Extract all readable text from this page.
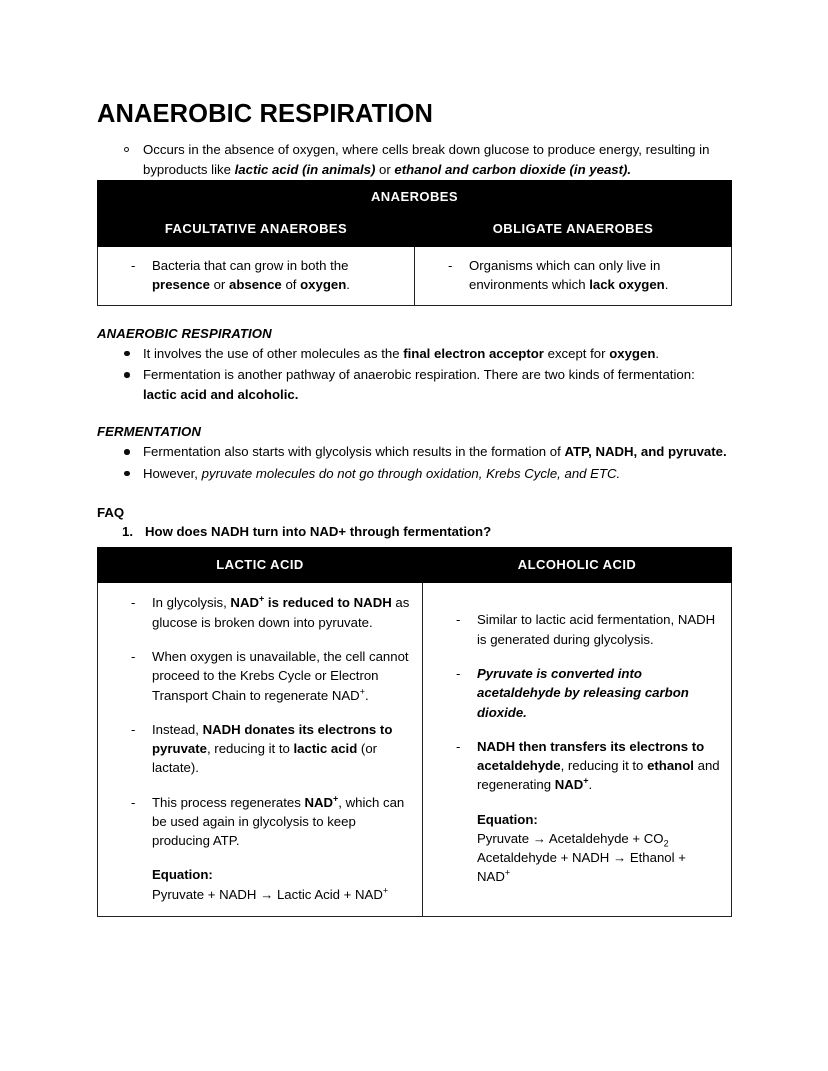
ANAEROBIC RESPIRATION
Occurs in the absence of oxygen, where cells break down glucose to produce energy, resulting in byproducts like lactic acid (in animals) or ethanol and carbon dioxide (in yeast).
ANAEROBES	
FACULTATIVE ANAEROBES	OBLIGATE ANAEROBES

- Bacteria that can grow in both the presence or absence of oxygen.

- Organisms which can only live in environments which lack oxygen.
ANAEROBIC RESPIRATION
It involves the use of other molecules as the final electron acceptor except for oxygen.
Fermentation is another pathway of anaerobic respiration. There are two kinds of fermentation: lactic acid and alcoholic.
FERMENTATION
Fermentation also starts with glycolysis which results in the formation of ATP, NADH, and pyruvate.
However, pyruvate molecules do not go through oxidation, Krebs Cycle, and ETC.
FAQ
1. How does NADH turn into NAD+ through fermentation?
LACTIC ACID	ALCOHOLIC ACID

- In glycolysis, NAD+ is reduced to NADH as glucose is broken down into pyruvate.
- When oxygen is unavailable, the cell cannot proceed to the Krebs Cycle or Electron Transport Chain to regenerate NAD+.
- Instead, NADH donates its electrons to pyruvate, reducing it to lactic acid (or lactate).
- This process regenerates NAD+, which can be used again in glycolysis to keep producing ATP.
Equation:
Pyruvate + NADH → Lactic Acid + NAD+

- Similar to lactic acid fermentation, NADH is generated during glycolysis.
- Pyruvate is converted into acetaldehyde by releasing carbon dioxide.
- NADH then transfers its electrons to acetaldehyde, reducing it to ethanol and regenerating NAD+.
Equation:
Pyruvate → Acetaldehyde + $CO_2$
Acetaldehyde + NADH → Ethanol + NAD+
